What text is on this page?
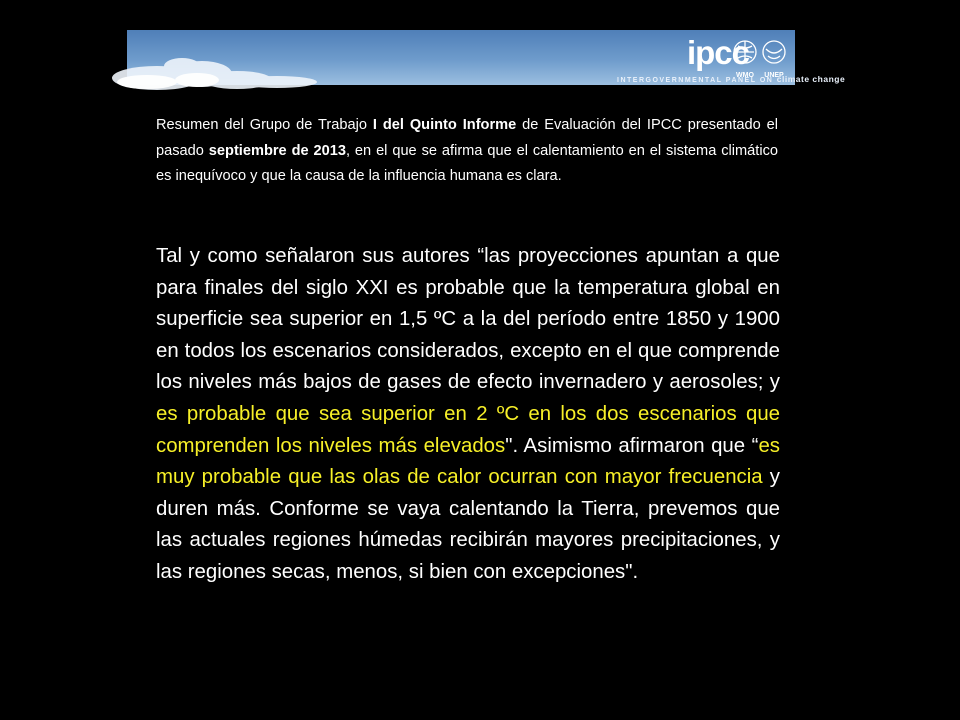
ipcc
INTERGOVERNMENTAL PANEL ON climate change
WMO UNEP

Resumen del Grupo de Trabajo I del Quinto Informe de Evaluación del IPCC presentado el pasado septiembre de 2013, en el que se afirma que el calentamiento en el sistema climático es inequívoco y que la causa de la influencia humana es clara.

Tal y como señalaron sus autores “las proyecciones apuntan a que para finales del siglo XXI es probable que la temperatura global en superficie sea superior en 1,5 ºC a la del período entre 1850 y 1900 en todos los escenarios considerados, excepto en el que comprende los niveles más bajos de gases de efecto invernadero y aerosoles; y es probable que sea superior en 2 ºC en los dos escenarios que comprenden los niveles más elevados". Asimismo afirmaron que “es muy probable que las olas de calor ocurran con mayor frecuencia y duren más. Conforme se vaya calentando la Tierra, prevemos que las actuales regiones húmedas recibirán mayores precipitaciones, y las regiones secas, menos, si bien con excepciones".
